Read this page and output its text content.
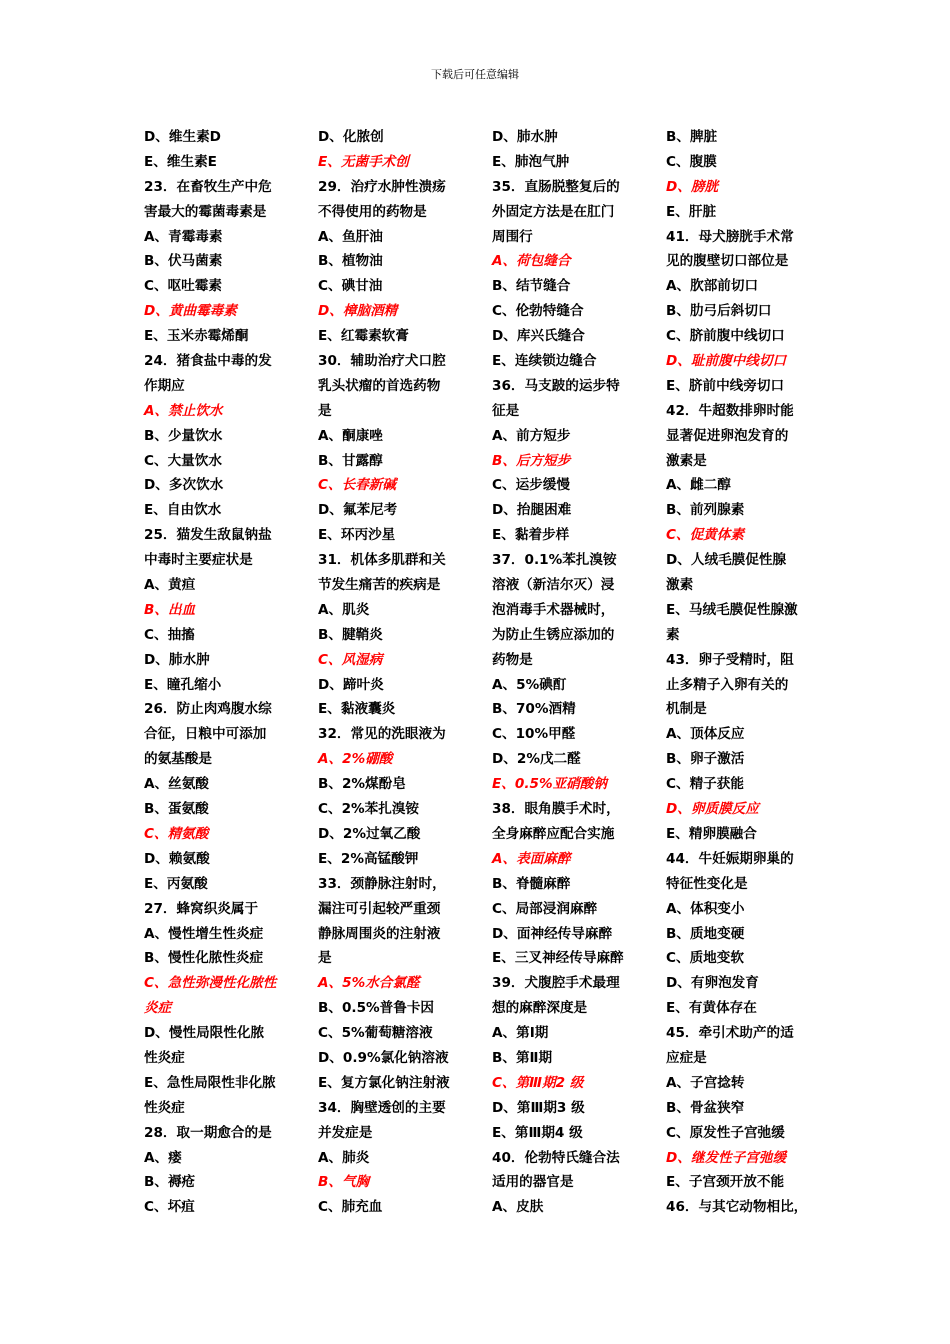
下载后可任意编辑
D、维生素D
E、维生素E
23．在畜牧生产中危
害最大的霉菌毒素是
A、青霉毒素
B、伏马菌素
C、呕吐霉素
D、黄曲霉毒素
E、玉米赤霉烯酮
24．猪食盐中毒的发
作期应
A、禁止饮水
B、少量饮水
C、大量饮水
D、多次饮水
E、自由饮水
25．猫发生敌鼠钠盐
中毒时主要症状是
A、黄疸
B、出血
C、抽搐
D、肺水肿
E、瞳孔缩小
26．防止肉鸡腹水综
合征，日粮中可添加
的氨基酸是
A、丝氨酸
B、蛋氨酸
C、精氨酸
D、赖氨酸
E、丙氨酸
27．蜂窝织炎属于
A、慢性增生性炎症
B、慢性化脓性炎症
C、急性弥漫性化脓性
炎症
D、慢性局限性化脓
性炎症
E、急性局限性非化脓
性炎症
28．取一期愈合的是
A、瘘
B、褥疮
C、坏疽
D、化脓创
E、无菌手术创
29．治疗水肿性溃疡
不得使用的药物是
A、鱼肝油
B、植物油
C、碘甘油
D、樟脑酒精
E、红霉素软膏
30．辅助治疗犬口腔
乳头状瘤的首选药物
是
A、酮康唑
B、甘露醇
C、长春新碱
D、氟苯尼考
E、环丙沙星
31．机体多肌群和关
节发生痛苦的疾病是
A、肌炎
B、腱鞘炎
C、风湿病
D、蹄叶炎
E、黏液囊炎
32．常见的洗眼液为
A、2%硼酸
B、2%煤酚皂
C、2%苯扎溴铵
D、2%过氧乙酸
E、2%高锰酸钾
33．颈静脉注射时，
漏注可引起较严重颈
静脉周围炎的注射液
是
A、5%水合氯醛
B、0.5%普鲁卡因
C、5%葡萄糖溶液
D、0.9%氯化钠溶液
E、复方氯化钠注射液
34．胸壁透创的主要
并发症是
A、肺炎
B、气胸
C、肺充血
D、肺水肿
E、肺泡气肿
35．直肠脱整复后的
外固定方法是在肛门
周围行
A、荷包缝合
B、结节缝合
C、伦勃特缝合
D、库兴氏缝合
E、连续锁边缝合
36．马支跛的运步特
征是
A、前方短步
B、后方短步
C、运步缓慢
D、抬腿困难
E、黏着步样
37．0.1%苯扎溴铵
溶液（新洁尔灭）浸
泡消毒手术器械时，
为防止生锈应添加的
药物是
A、5%碘酊
B、70%酒精
C、10%甲醛
D、2%戊二醛
E、0.5%亚硝酸钠
38．眼角膜手术时，
全身麻醉应配合实施
A、表面麻醉
B、脊髓麻醉
C、局部浸润麻醉
D、面神经传导麻醉
E、三叉神经传导麻醉
39．犬腹腔手术最理
想的麻醉深度是
A、第Ⅰ期
B、第Ⅱ期
C、第Ⅲ期2 级
D、第Ⅲ期3 级
E、第Ⅲ期4 级
40．伦勃特氏缝合法
适用的器官是
A、皮肤
B、脾脏
C、腹膜
D、膀胱
E、肝脏
41．母犬膀胱手术常
见的腹壁切口部位是
A、肷部前切口
B、肋弓后斜切口
C、脐前腹中线切口
D、耻前腹中线切口
E、脐前中线旁切口
42．牛超数排卵时能
显著促进卵泡发育的
激素是
A、雌二醇
B、前列腺素
C、促黄体素
D、人绒毛膜促性腺
激素
E、马绒毛膜促性腺激
素
43．卵子受精时，阻
止多精子入卵有关的
机制是
A、顶体反应
B、卵子激活
C、精子获能
D、卵质膜反应
E、精卵膜融合
44．牛妊娠期卵巢的
特征性变化是
A、体积变小
B、质地变硬
C、质地变软
D、有卵泡发育
E、有黄体存在
45．牵引术助产的适
应症是
A、子宫捻转
B、骨盆狭窄
C、原发性子宫弛缓
D、继发性子宫弛缓
E、子宫颈开放不能
46．与其它动物相比，
